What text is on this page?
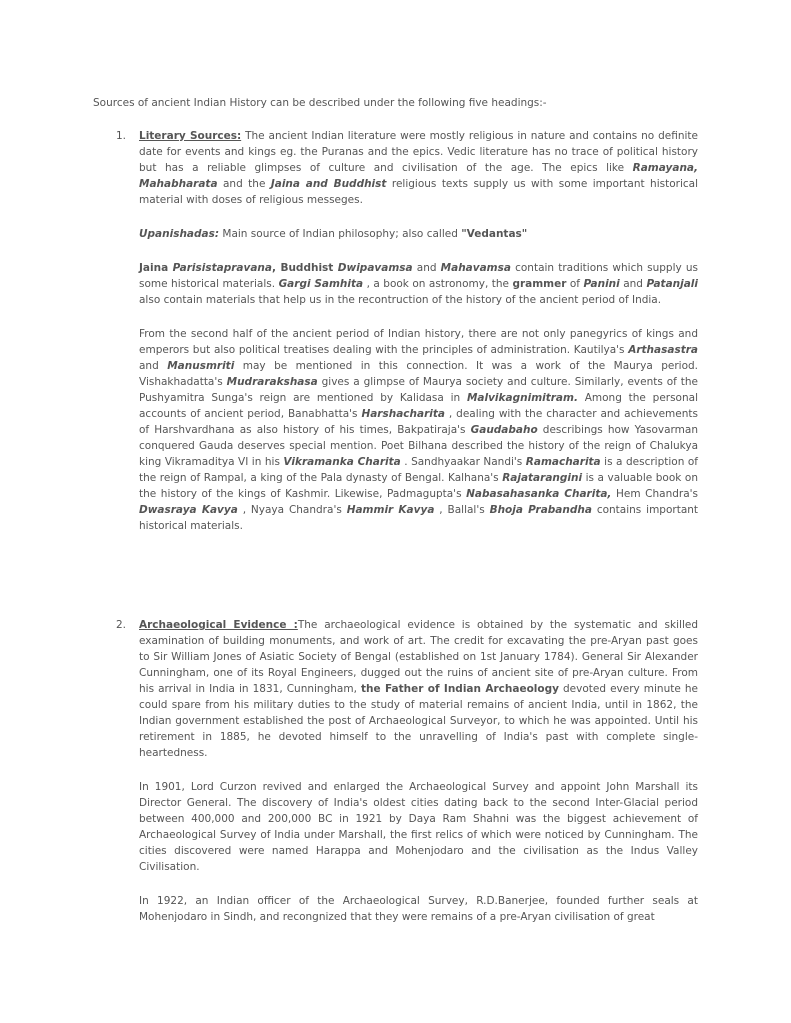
Sources of ancient Indian History can be described under the following five headings:-
1.	Literary Sources: The ancient Indian literature were mostly religious in nature and contains no definite date for events and kings eg. the Puranas and the epics. Vedic literature has no trace of political history but has a reliable glimpses of culture and civilisation of the age. The epics like Ramayana, Mahabharata and the Jaina and Buddhist religious texts supply us with some important historical material with doses of religious messeges.

Upanishadas: Main source of Indian philosophy; also called "Vedantas"

Jaina Parisistapravana, Buddhist Dwipavamsa and Mahavamsa contain traditions which supply us some historical materials. Gargi Samhita , a book on astronomy, the grammer of Panini and Patanjali also contain materials that help us in the recontruction of the history of the ancient period of India.

From the second half of the ancient period of Indian history, there are not only panegyrics of kings and emperors but also political treatises dealing with the principles of administration. Kautilya's Arthasastra and Manusmriti may be mentioned in this connection. It was a work of the Maurya period. Vishakhadatta's Mudrarakshasa gives a glimpse of Maurya society and culture. Similarly, events of the Pushyamitra Sunga's reign are mentioned by Kalidasa in Malvikagnimitram. Among the personal accounts of ancient period, Banabhatta's Harshacharita , dealing with the character and achievements of Harshvardhana as also history of his times, Bakpatiraja's Gaudabaho describings how Yasovarman conquered Gauda deserves special mention. Poet Bilhana described the history of the reign of Chalukya king Vikramaditya VI in his Vikramanka Charita . Sandhyaakar Nandi's Ramacharita is a description of the reign of Rampal, a king of the Pala dynasty of Bengal. Kalhana's Rajatarangini is a valuable book on the history of the kings of Kashmir. Likewise, Padmagupta's Nabasahasanka Charita, Hem Chandra's Dwasraya Kavya , Nyaya Chandra's Hammir Kavya , Ballal's Bhoja Prabandha contains important historical materials.

2.	Archaeological Evidence :The archaeological evidence is obtained by the systematic and skilled examination of building monuments, and work of art. The credit for excavating the pre-Aryan past goes to Sir William Jones of Asiatic Society of Bengal (established on 1st January 1784). General Sir Alexander Cunningham, one of its Royal Engineers, dugged out the ruins of ancient site of pre-Aryan culture. From his arrival in India in 1831, Cunningham, the Father of Indian Archaeology devoted every minute he could spare from his military duties to the study of material remains of ancient India, until in 1862, the Indian government established the post of Archaeological Surveyor, to which he was appointed. Until his retirement in 1885, he devoted himself to the unravelling of India's past with complete single-heartedness.

In 1901, Lord Curzon revived and enlarged the Archaeological Survey and appoint John Marshall its Director General. The discovery of India's oldest cities dating back to the second Inter-Glacial period between 400,000 and 200,000 BC in 1921 by Daya Ram Shahni was the biggest achievement of Archaeological Survey of India under Marshall, the first relics of which were noticed by Cunningham. The cities discovered were named Harappa and Mohenjodaro and the civilisation as the Indus Valley Civilisation.

In 1922, an Indian officer of the Archaeological Survey, R.D.Banerjee, founded further seals at Mohenjodaro in Sindh, and recongnized that they were remains of a pre-Aryan civilisation of great
